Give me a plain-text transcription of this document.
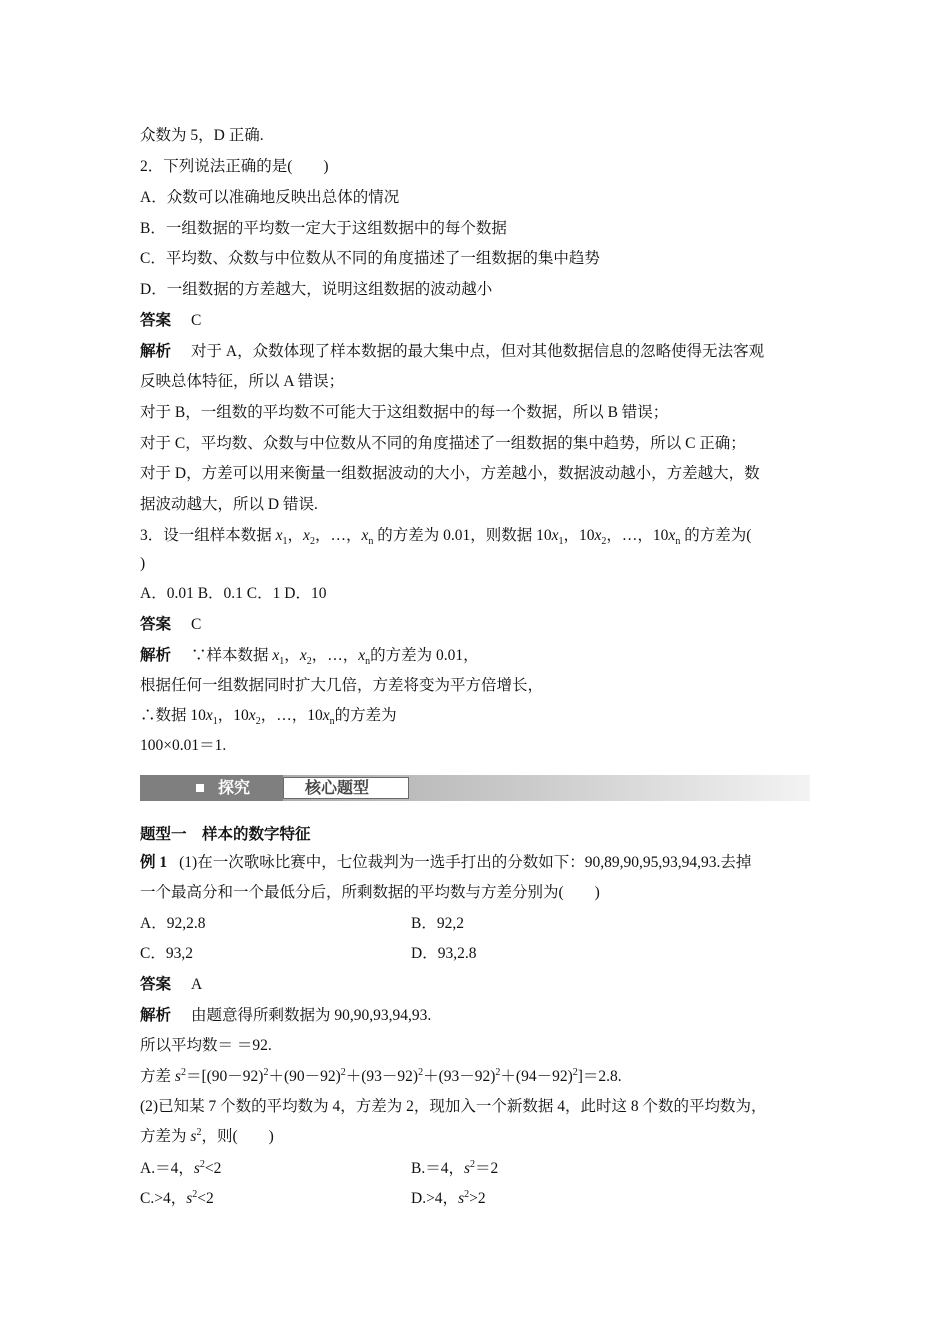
众数为 5，D 正确.
2．下列说法正确的是(　　)
A．众数可以准确地反映出总体的情况
B．一组数据的平均数一定大于这组数据中的每个数据
C．平均数、众数与中位数从不同的角度描述了一组数据的集中趋势
D．一组数据的方差越大，说明这组数据的波动越小
答案 C
解析 对于 A，众数体现了样本数据的最大集中点，但对其他数据信息的忽略使得无法客观
反映总体特征，所以 A 错误；
对于 B，一组数的平均数不可能大于这组数据中的每一个数据，所以 B 错误；
对于 C，平均数、众数与中位数从不同的角度描述了一组数据的集中趋势，所以 C 正确；
对于 D，方差可以用来衡量一组数据波动的大小，方差越小，数据波动越小，方差越大，数
据波动越大，所以 D 错误.
3．设一组样本数据 $x_1$，$x_2$，…，$x_n$ 的方差为 0.01，则数据 $10x_1$，$10x_2$，…，$10x_n$ 的方差为(
)
A．0.01 B．0.1 C．1 D．10
答案 C
解析 ∵样本数据 $x_1$，$x_2$，…，$x_n$的方差为 0.01，
根据任何一组数据同时扩大几倍，方差将变为平方倍增长，
∴数据 $10x_1$，$10x_2$，…，$10x_n$的方差为
100×0.01＝1.
探究	核心题型
题型一　样本的数字特征
例 1 (1)在一次歌咏比赛中，七位裁判为一选手打出的分数如下：90,89,90,95,93,94,93.去掉
一个最高分和一个最低分后，所剩数据的平均数与方差分别为(　　)
A．92,2.8	B．92,2
C．93,2	D．93,2.8
答案 A
解析 由题意得所剩数据为 90,90,93,94,93.
所以平均数＝ ＝92.
方差 $s^2=[(90-92)^2+(90-92)^2+(93-92)^2+(93-92)^2+(94-92)^2]=2.8$.
(2)已知某 7 个数的平均数为 4，方差为 2，现加入一个新数据 4，此时这 8 个数的平均数为，
方差为 $s^2$，则(　　)
A.＝4，$s^2<2$	B.＝4，$s^2=2$
C.>4，$s^2<2$	D.>4，$s^2>2$
